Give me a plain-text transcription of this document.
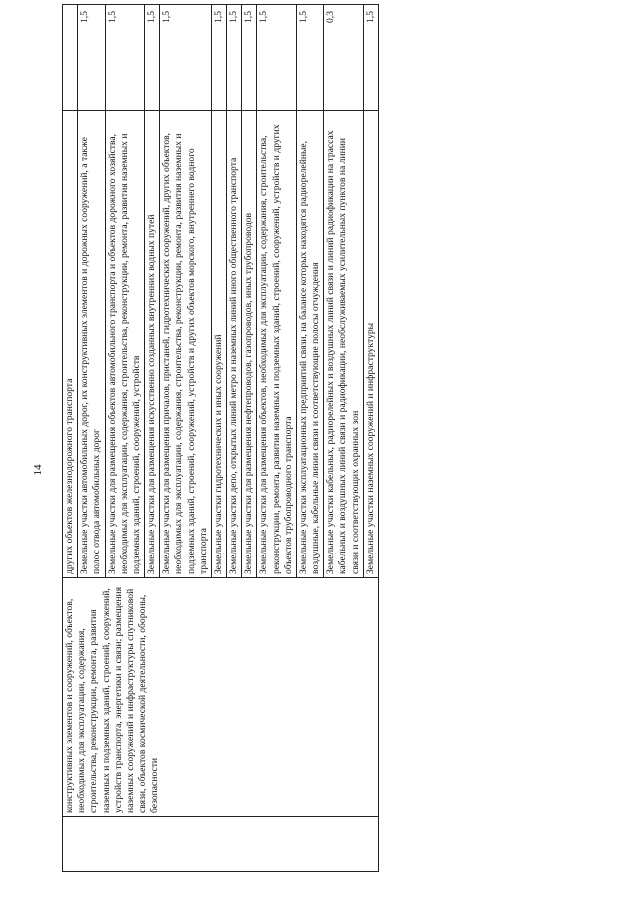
14
	конструктивных элементов и сооружений, объектов, необходимых для эксплуатации, содержания, строительства, реконструкции, ремонта, развития наземных и подземных зданий, строений, сооружений, устройств транспорта, энергетики и связи; размещения наземных сооружений и инфраструктуры спутниковой связи, объектов космической деятельности, обороны, безопасности	других объектов железнодорожного транспорта	
		Земельные участки автомобильных дорог, их конструктивных элементов и дорожных сооружений, а также полос отвода автомобильных дорог	1,5
		Земельные участки для размещения объектов автомобильного транспорта и объектов дорожного хозяйства, необходимых для эксплуатации, содержания, строительства, реконструкции, ремонта, развития наземных и подземных зданий, строений, сооружений, устройств	1,5
		Земельные участки для размещения искусственно созданных внутренних водных путей	1,5
		Земельные участки для размещения причалов, пристаней, гидротехнических сооружений, других объектов, необходимых для эксплуатации, содержания, строительства, реконструкции, ремонта, развития наземных и подземных зданий, строений, сооружений, устройств и других объектов морского, внутреннего водного транспорта	1,5
		Земельные участки гидротехнических и иных сооружений	1,5
		Земельные участки депо, открытых линий метро и наземных линий иного общественного транспорта	1,5
		Земельные участки для размещения нефтепроводов, газопроводов, иных трубопроводов	1,5
		Земельные участки для размещения объектов, необходимых для эксплуатации, содержания, строительства, реконструкции, ремонта, развития наземных и подземных зданий, строений, сооружений, устройств и других объектов трубопроводного транспорта	1,5
		Земельные участки эксплуатационных предприятий связи, на балансе которых находятся радиорелейные, воздушные, кабельные линии связи и соответствующие полосы отчуждения	1,5
		Земельные участки кабельных, радиорелейных и воздушных линий связи и линий радиофикации на трассах кабельных и воздушных линий связи и радиофикации, необслуживаемых усилительных пунктов на линии связи и соответствующих охранных зон	0,3
		Земельные участки наземных сооружений и инфраструктуры	1,5
